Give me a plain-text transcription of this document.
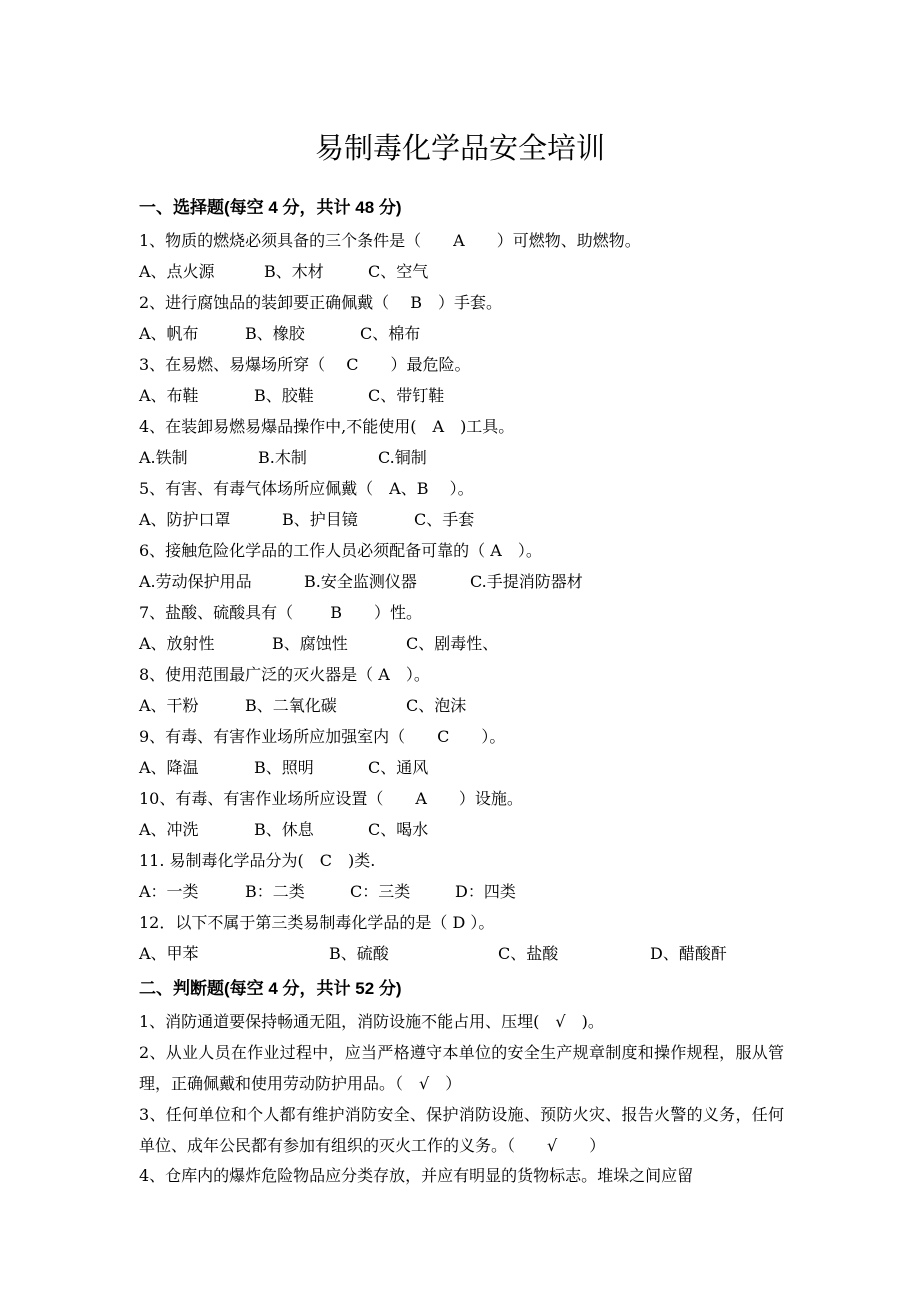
易制毒化学品安全培训
一、选择题(每空 4 分，共计 48 分)
1、物质的燃烧必须具备的三个条件是（　　A　　）可燃物、助燃物。
A、点火源	B、木材	C、空气
2、进行腐蚀品的装卸要正确佩戴（　 B　）手套。
A、帆布	B、橡胶	C、棉布
3、在易燃、易爆场所穿（　 C　　）最危险。
A、布鞋	B、胶鞋	C、带钉鞋
4、在装卸易燃易爆品操作中,不能使用(　A　)工具。
A.铁制	B.木制	C.铜制
5、有害、有毒气体场所应佩戴（　A、B　 ）。
A、防护口罩	B、护目镜	C、手套
6、接触危险化学品的工作人员必须配备可靠的（ A　）。
A.劳动保护用品	B.安全监测仪器	C.手提消防器材
7、盐酸、硫酸具有（　　 B　　）性。
A、放射性	B、腐蚀性	C、剧毒性、
8、使用范围最广泛的灭火器是（ A　）。
A、干粉	B、二氧化碳	C、泡沫
9、有毒、有害作业场所应加强室内（　　C　　）。
A、降温	B、照明	C、通风
10、有毒、有害作业场所应设置（　　A　　）设施。
A、冲洗	B、休息	C、喝水
11. 易制毒化学品分为(　C　)类.
A：一类	B：二类	C：三类	D：四类
12．以下不属于第三类易制毒化学品的是（ D ）。
A、甲苯	B、硫酸	C、盐酸	D、醋酸酐
二、判断题(每空 4 分，共计 52 分)
1、消防通道要保持畅通无阻，消防设施不能占用、压埋(　√　)。
2、从业人员在作业过程中，应当严格遵守本单位的安全生产规章制度和操作规程，服从管理，正确佩戴和使用劳动防护用品。（　√　）
3、任何单位和个人都有维护消防安全、保护消防设施、预防火灾、报告火警的义务，任何单位、成年公民都有参加有组织的灭火工作的义务。（　　√　　）
4、仓库内的爆炸危险物品应分类存放，并应有明显的货物标志。堆垛之间应留
